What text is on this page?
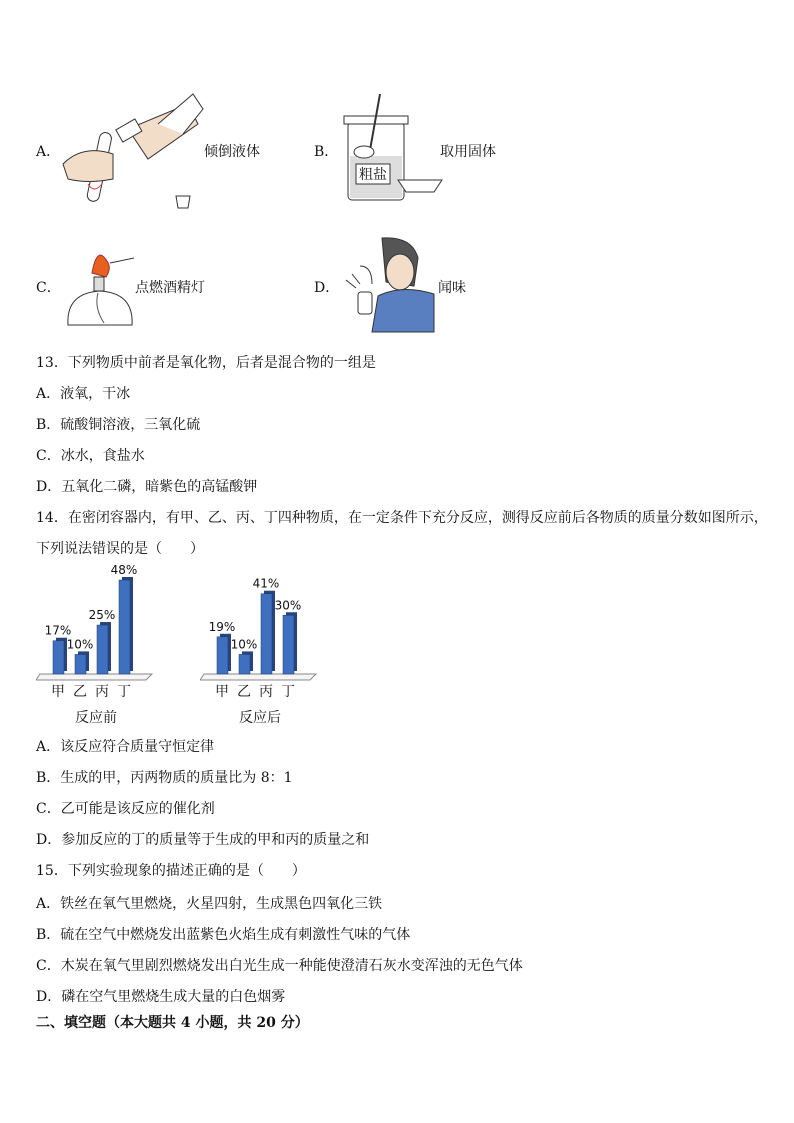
A．	倾倒液体	B．
粗盐
取用固体
C．	点燃酒精灯	D．	闻味
13．下列物质中前者是氧化物，后者是混合物的一组是
A．液氧，干冰
B．硫酸铜溶液，三氧化硫
C．冰水，食盐水
D．五氧化二磷，暗紫色的高锰酸钾
14．在密闭容器内，有甲、乙、丙、丁四种物质，在一定条件下充分反应，测得反应前后各物质的质量分数如图所示，
下列说法错误的是（　　）
17%
甲
10%
乙
25%
丙
48%
丁
反应前
19%
甲
10%
乙
41%
丙
30%
丁
反应后
A．该反应符合质量守恒定律
B．生成的甲，丙两物质的质量比为 8：1
C．乙可能是该反应的催化剂
D．参加反应的丁的质量等于生成的甲和丙的质量之和
15．下列实验现象的描述正确的是（　　）
A．铁丝在氧气里燃烧，火星四射，生成黑色四氧化三铁
B．硫在空气中燃烧发出蓝紫色火焰生成有刺激性气味的气体
C．木炭在氧气里剧烈燃烧发出白光生成一种能使澄清石灰水变浑浊的无色气体
D．磷在空气里燃烧生成大量的白色烟雾
二、填空题（本大题共 4 小题，共 20 分）
